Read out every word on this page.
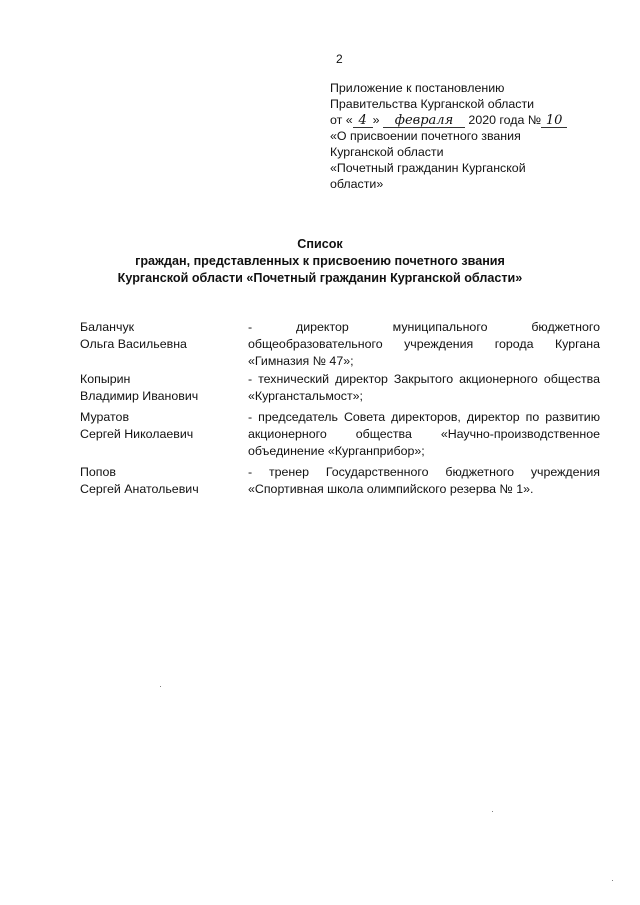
2
Приложение к постановлению
Правительства Курганской области
от « 4 » февраля 2020 года № 10
«О присвоении почетного звания
Курганской области
«Почетный гражданин Курганской
области»
Список
граждан, представленных к присвоению почетного звания
Курганской области «Почетный гражданин Курганской области»
Баланчук
Ольга Васильевна
- директор муниципального бюджетного общеобразовательного учреждения города Кургана «Гимназия № 47»;
Копырин
Владимир Иванович
- технический директор Закрытого акционерного общества «Курганстальмост»;
Муратов
Сергей Николаевич
- председатель Совета директоров, директор по развитию акционерного общества «Научно-производственное объединение «Курганприбор»;
Попов
Сергей Анатольевич
- тренер Государственного бюджетного учреждения «Спортивная школа олимпийского резерва № 1».
